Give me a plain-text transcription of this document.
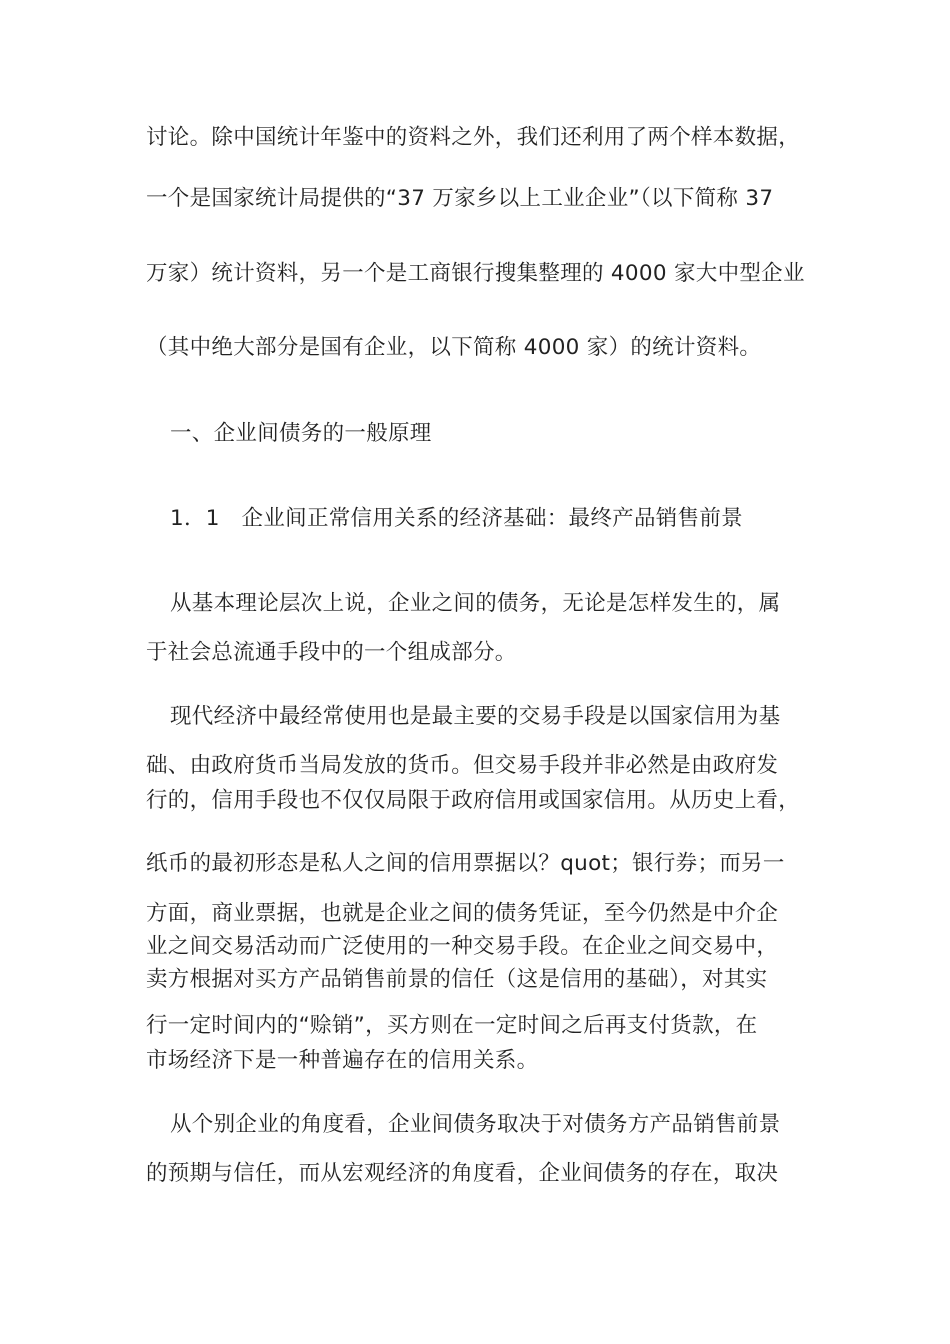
讨论。除中国统计年鉴中的资料之外，我们还利用了两个样本数据，
一个是国家统计局提供的“37 万家乡以上工业企业”（以下简称 37
万家）统计资料，另一个是工商银行搜集整理的 4000 家大中型企业
（其中绝大部分是国有企业，以下简称 4000 家）的统计资料。
一、企业间债务的一般原理
1．1　企业间正常信用关系的经济基础：最终产品销售前景
从基本理论层次上说，企业之间的债务，无论是怎样发生的，属
于社会总流通手段中的一个组成部分。
现代经济中最经常使用也是最主要的交易手段是以国家信用为基
础、由政府货币当局发放的货币。但交易手段并非必然是由政府发
行的，信用手段也不仅仅局限于政府信用或国家信用。从历史上看，
纸币的最初形态是私人之间的信用票据以？quot；银行券；而另一
方面，商业票据，也就是企业之间的债务凭证，至今仍然是中介企
业之间交易活动而广泛使用的一种交易手段。在企业之间交易中，
卖方根据对买方产品销售前景的信任（这是信用的基础），对其实
行一定时间内的“赊销”，买方则在一定时间之后再支付货款，在
市场经济下是一种普遍存在的信用关系。
从个别企业的角度看，企业间债务取决于对债务方产品销售前景
的预期与信任，而从宏观经济的角度看，企业间债务的存在，取决
